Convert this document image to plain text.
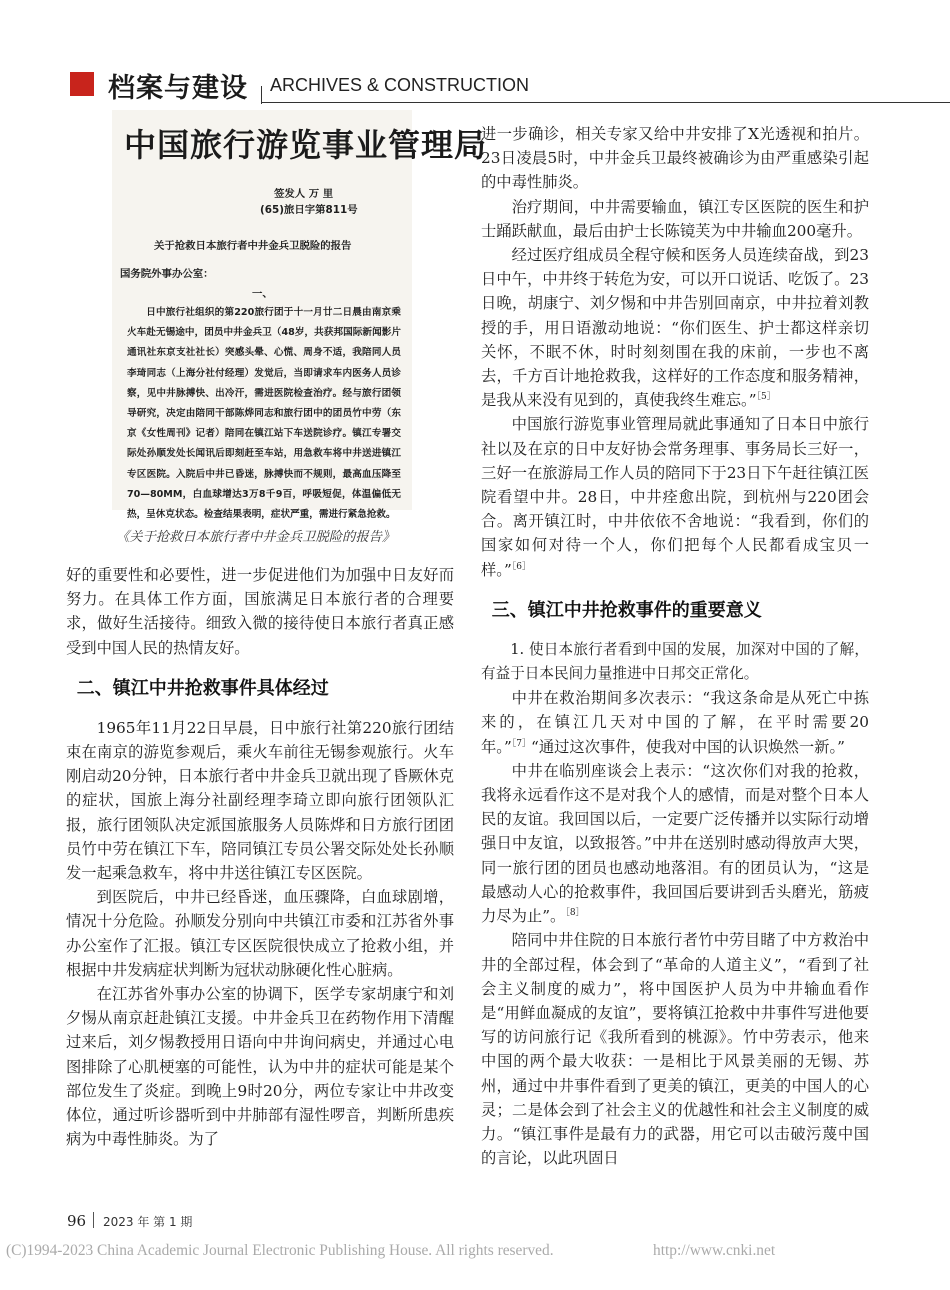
档案与建设 ARCHIVES & CONSTRUCTION
中国旅行游览事业管理局
签发人 万 里
(65)旅日字第811号
关于抢救日本旅行者中井金兵卫脱险的报告
国务院外事办公室：
一、
日中旅行社组织的第220旅行团于十一月廿二日晨由南京乘火车赴无锡途中，团员中井金兵卫（48岁，共获邦国际新闻影片通讯社东京支社社长）突感头晕、心慌、周身不适，我陪同人员李琦同志（上海分社付经理）发觉后，当即请求车内医务人员诊察，见中井脉搏快、出冷汗，需进医院检查治疗。经与旅行团领导研究，决定由陪同干部陈烨同志和旅行团中的团员竹中劳（东京《女性周刊》记者）陪同在镇江站下车送院诊疗。镇江专署交际处孙顺发处长闻讯后即刻赶至车站，用急救车将中井送进镇江专区医院。入院后中井已昏迷，脉搏快而不规则，最高血压降至70—80MM，白血球增达3万8千9百，呼吸短促，体温偏低无热，呈休克状态。检查结果表明，症状严重，需进行紧急抢救。
《关于抢救日本旅行者中井金兵卫脱险的报告》

好的重要性和必要性，进一步促进他们为加强中日友好而努力。在具体工作方面，国旅满足日本旅行者的合理要求，做好生活接待。细致入微的接待使日本旅行者真正感受到中国人民的热情友好。

二、镇江中井抢救事件具体经过

1965年11月22日早晨，日中旅行社第220旅行团结束在南京的游览参观后，乘火车前往无锡参观旅行。火车刚启动20分钟，日本旅行者中井金兵卫就出现了昏厥休克的症状，国旅上海分社副经理李琦立即向旅行团领队汇报，旅行团领队决定派国旅服务人员陈烨和日方旅行团团员竹中劳在镇江下车，陪同镇江专员公署交际处处长孙顺发一起乘急救车，将中井送往镇江专区医院。

到医院后，中井已经昏迷，血压骤降，白血球剧增，情况十分危险。孙顺发分别向中共镇江市委和江苏省外事办公室作了汇报。镇江专区医院很快成立了抢救小组，并根据中井发病症状判断为冠状动脉硬化性心脏病。

在江苏省外事办公室的协调下，医学专家胡康宁和刘夕惕从南京赶赴镇江支援。中井金兵卫在药物作用下清醒过来后，刘夕惕教授用日语向中井询问病史，并通过心电图排除了心肌梗塞的可能性，认为中井的症状可能是某个部位发生了炎症。到晚上9时20分，两位专家让中井改变体位，通过听诊器听到中井肺部有湿性啰音，判断所患疾病为中毒性肺炎。为了

进一步确诊，相关专家又给中井安排了X光透视和拍片。23日凌晨5时，中井金兵卫最终被确诊为由严重感染引起的中毒性肺炎。

治疗期间，中井需要输血，镇江专区医院的医生和护士踊跃献血，最后由护士长陈镜芙为中井输血200毫升。

经过医疗组成员全程守候和医务人员连续奋战，到23日中午，中井终于转危为安，可以开口说话、吃饭了。23日晚，胡康宁、刘夕惕和中井告别回南京，中井拉着刘教授的手，用日语激动地说：“你们医生、护士都这样亲切关怀，不眠不休，时时刻刻围在我的床前，一步也不离去，千方百计地抢救我，这样好的工作态度和服务精神，是我从来没有见到的，真使我终生难忘。”$^{[5]}$

中国旅行游览事业管理局就此事通知了日本日中旅行社以及在京的日中友好协会常务理事、事务局长三好一，三好一在旅游局工作人员的陪同下于23日下午赶往镇江医院看望中井。28日，中井痊愈出院，到杭州与220团会合。离开镇江时，中井依依不舍地说：“我看到，你们的国家如何对待一个人，你们把每个人民都看成宝贝一样。”$^{[6]}$

三、镇江中井抢救事件的重要意义

1. 使日本旅行者看到中国的发展，加深对中国的了解，有益于日本民间力量推进中日邦交正常化。

中井在救治期间多次表示：“我这条命是从死亡中拣来的，在镇江几天对中国的了解，在平时需要20年。”$^{[7]}$“通过这次事件，使我对中国的认识焕然一新。”

中井在临别座谈会上表示：“这次你们对我的抢救，我将永远看作这不是对我个人的感情，而是对整个日本人民的友谊。我回国以后，一定要广泛传播并以实际行动增强日中友谊，以致报答。”中井在送别时感动得放声大哭，同一旅行团的团员也感动地落泪。有的团员认为，“这是最感动人心的抢救事件，我回国后要讲到舌头磨光，筋疲力尽为止”。$^{[8]}$

陪同中井住院的日本旅行者竹中劳目睹了中方救治中井的全部过程，体会到了“革命的人道主义”，“看到了社会主义制度的威力”，将中国医护人员为中井输血看作是“用鲜血凝成的友谊”，要将镇江抢救中井事件写进他要写的访问旅行记《我所看到的桃源》。竹中劳表示，他来中国的两个最大收获：一是相比于风景美丽的无锡、苏州，通过中井事件看到了更美的镇江，更美的中国人的心灵；二是体会到了社会主义的优越性和社会主义制度的威力。“镇江事件是最有力的武器，用它可以击破污蔑中国的言论，以此巩固日

96 2023 年 第 1 期
(C)1994-2023 China Academic Journal Electronic Publishing House. All rights reserved.	http://www.cnki.net
